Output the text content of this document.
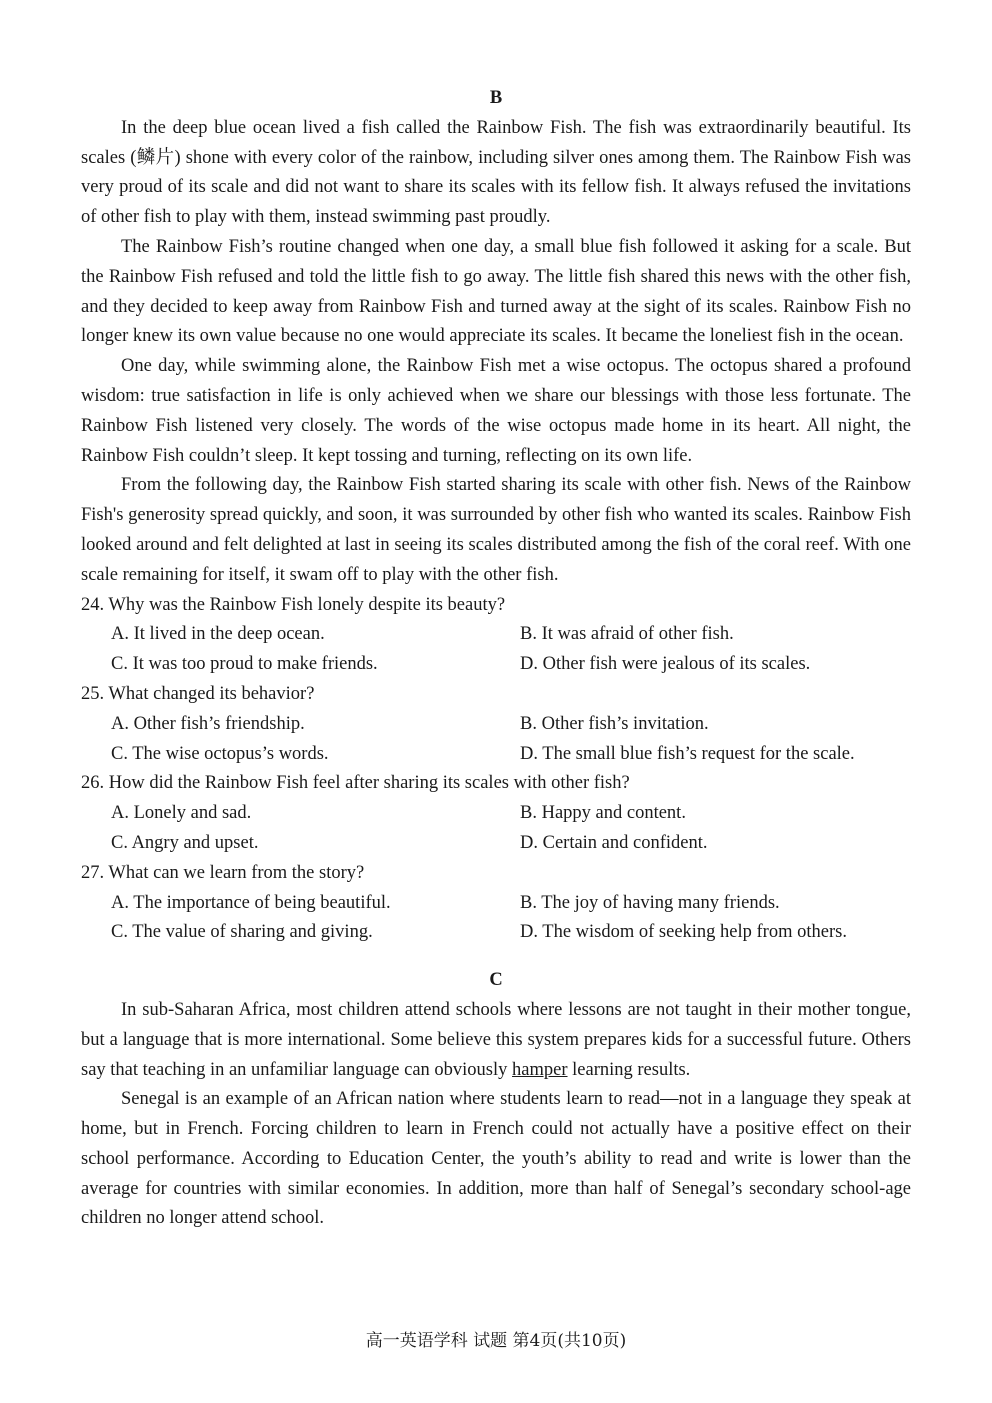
B

In the deep blue ocean lived a fish called the Rainbow Fish. The fish was extraordinarily beautiful. Its scales (鳞片) shone with every color of the rainbow, including silver ones among them. The Rainbow Fish was very proud of its scale and did not want to share its scales with its fellow fish. It always refused the invitations of other fish to play with them, instead swimming past proudly.

The Rainbow Fish’s routine changed when one day, a small blue fish followed it asking for a scale. But the Rainbow Fish refused and told the little fish to go away. The little fish shared this news with the other fish, and they decided to keep away from Rainbow Fish and turned away at the sight of its scales. Rainbow Fish no longer knew its own value because no one would appreciate its scales. It became the loneliest fish in the ocean.

One day, while swimming alone, the Rainbow Fish met a wise octopus. The octopus shared a profound wisdom: true satisfaction in life is only achieved when we share our blessings with those less fortunate. The Rainbow Fish listened very closely. The words of the wise octopus made home in its heart. All night, the Rainbow Fish couldn’t sleep. It kept tossing and turning, reflecting on its own life.

From the following day, the Rainbow Fish started sharing its scale with other fish. News of the Rainbow Fish's generosity spread quickly, and soon, it was surrounded by other fish who wanted its scales. Rainbow Fish looked around and felt delighted at last in seeing its scales distributed among the fish of the coral reef. With one scale remaining for itself, it swam off to play with the other fish.

24. Why was the Rainbow Fish lonely despite its beauty?

A. It lived in the deep ocean.	B. It was afraid of other fish.
C. It was too proud to make friends.	D. Other fish were jealous of its scales.

25. What changed its behavior?

A. Other fish’s friendship.	B. Other fish’s invitation.
C. The wise octopus’s words.	D. The small blue fish’s request for the scale.

26. How did the Rainbow Fish feel after sharing its scales with other fish?

A. Lonely and sad.	B. Happy and content.
C. Angry and upset.	D. Certain and confident.

27. What can we learn from the story?

A. The importance of being beautiful.	B. The joy of having many friends.
C. The value of sharing and giving.	D. The wisdom of seeking help from others.

C

In sub-Saharan Africa, most children attend schools where lessons are not taught in their mother tongue, but a language that is more international. Some believe this system prepares kids for a successful future. Others say that teaching in an unfamiliar language can obviously hamper learning results.

Senegal is an example of an African nation where students learn to read—not in a language they speak at home, but in French. Forcing children to learn in French could not actually have a positive effect on their school performance. According to Education Center, the youth’s ability to read and write is lower than the average for countries with similar economies. In addition, more than half of Senegal’s secondary school-age children no longer attend school.

高一英语学科 试题 第4页(共10页)
